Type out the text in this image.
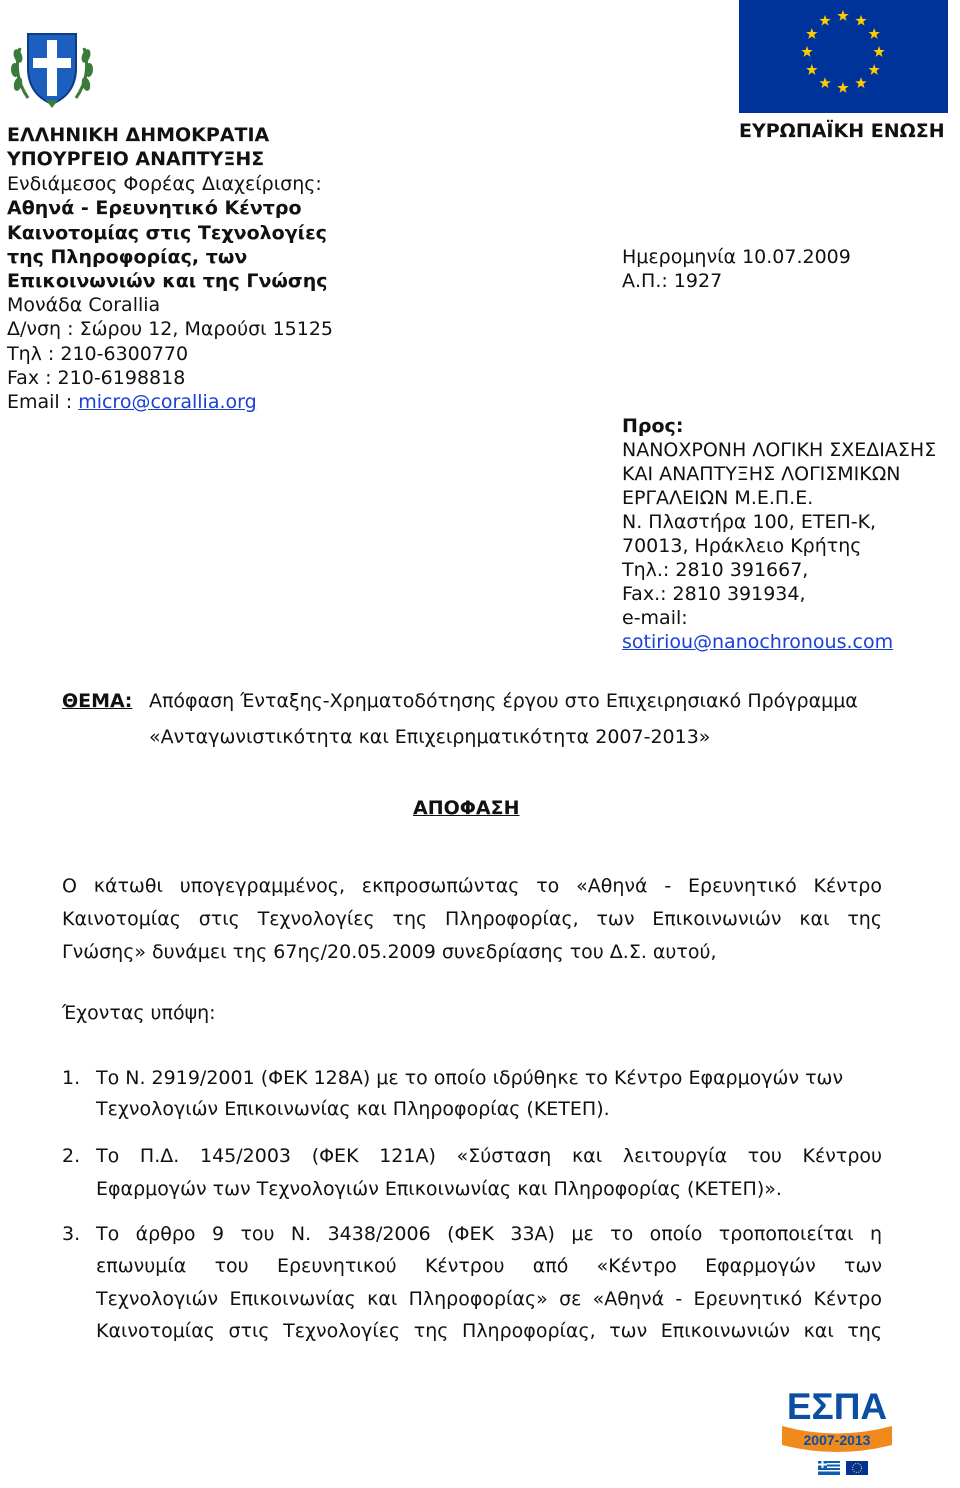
ΕΛΛΗΝΙΚΗ ΔΗΜΟΚΡΑΤΙΑ
ΥΠΟΥΡΓΕΙΟ ΑΝΑΠΤΥΞΗΣ
Ενδιάμεσος Φορέας Διαχείρισης:
Αθηνά - Ερευνητικό Κέντρο
Καινοτομίας στις Τεχνολογίες
της Πληροφορίας, των
Επικοινωνιών και της Γνώσης
Μονάδα Corallia
Δ/νση : Σώρου 12, Μαρούσι 15125
Τηλ : 210-6300770
Fax : 210-6198818
Email : micro@corallia.org
ΕΥΡΩΠΑΪΚΗ ΕΝΩΣΗ
Ημερομηνία 10.07.2009
Α.Π.: 1927
Προς:
ΝΑΝΟΧΡΟΝΗ ΛΟΓΙΚΗ ΣΧΕΔΙΑΣΗΣ
ΚΑΙ ΑΝΑΠΤΥΞΗΣ ΛΟΓΙΣΜΙΚΩΝ
ΕΡΓΑΛΕΙΩΝ Μ.Ε.Π.Ε.
Ν. Πλαστήρα 100, ΕΤΕΠ-Κ,
70013, Ηράκλειο Κρήτης
Τηλ.: 2810 391667,
Fax.: 2810 391934,
e-mail:
sotiriou@nanochronous.com
ΘΕΜΑ: Απόφαση Ένταξης-Χρηματοδότησης έργου στο Επιχειρησιακό Πρόγραμμα
«Ανταγωνιστικότητα και Επιχειρηματικότητα 2007-2013»
ΑΠΟΦΑΣΗ
Ο κάτωθι υπογεγραμμένος, εκπροσωπώντας το «Αθηνά - Ερευνητικό Κέντρο
Καινοτομίας στις Τεχνολογίες της Πληροφορίας, των Επικοινωνιών και της
Γνώσης» δυνάμει της 67ης/20.05.2009 συνεδρίασης του Δ.Σ. αυτού,
Έχοντας υπόψη:
1. Το Ν. 2919/2001 (ΦΕΚ 128Α) με το οποίο ιδρύθηκε το Κέντρο Εφαρμογών των
Τεχνολογιών Επικοινωνίας και Πληροφορίας (ΚΕΤΕΠ).
2. Το Π.Δ. 145/2003 (ΦΕΚ 121Α) «Σύσταση και λειτουργία του Κέντρου
Εφαρμογών των Τεχνολογιών Επικοινωνίας και Πληροφορίας (ΚΕΤΕΠ)».
3. Το άρθρο 9 του Ν. 3438/2006 (ΦΕΚ 33Α) με το οποίο τροποποιείται η
επωνυμία του Ερευνητικού Κέντρου από «Κέντρο Εφαρμογών των
Τεχνολογιών Επικοινωνίας και Πληροφορίας» σε «Αθηνά - Ερευνητικό Κέντρο
Καινοτομίας στις Τεχνολογίες της Πληροφορίας, των Επικοινωνιών και της
ΕΣΠΑ
2007-2013
